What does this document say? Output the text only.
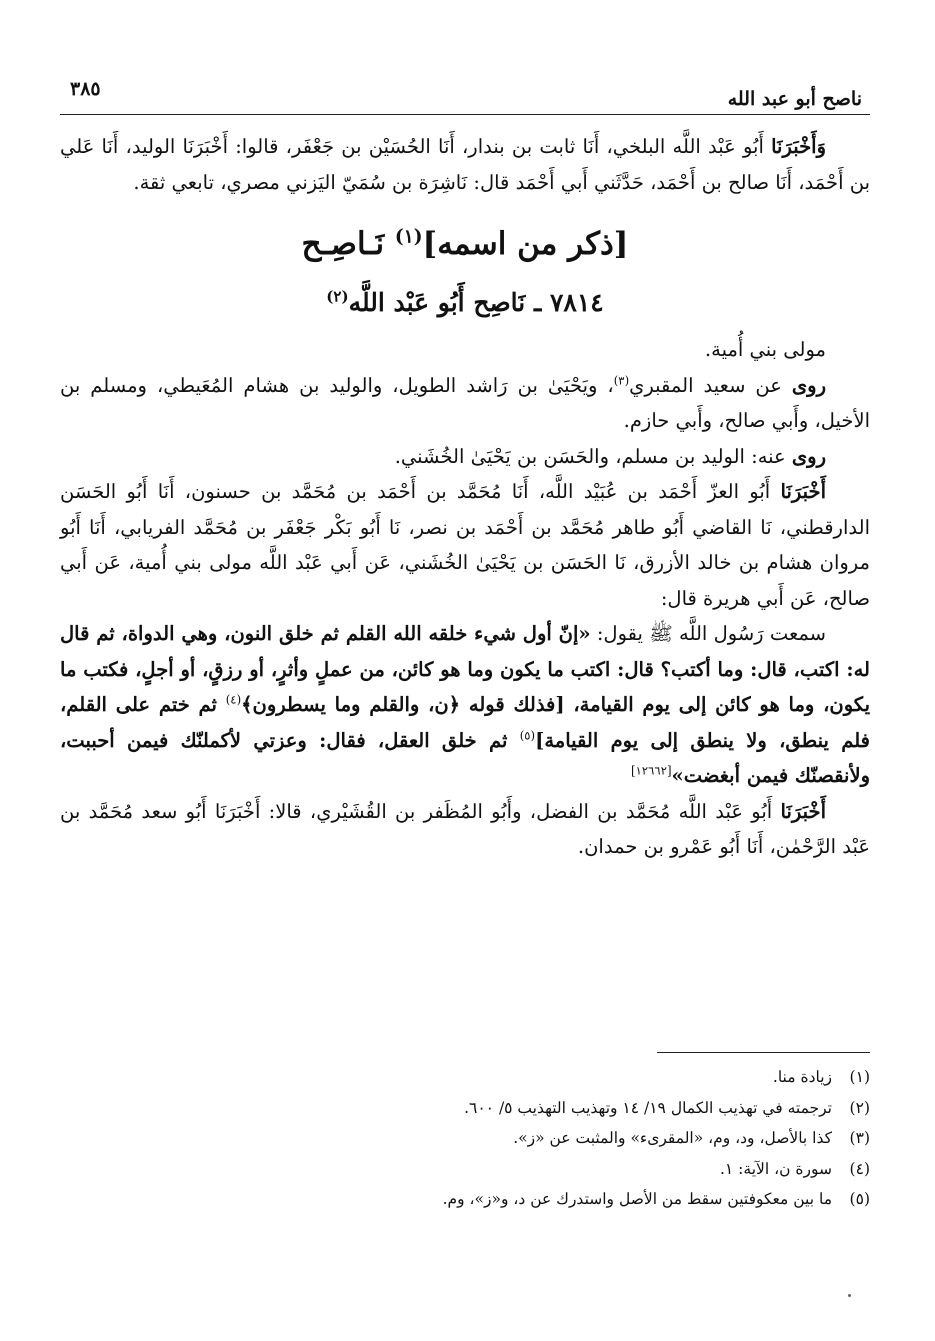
ناصح أبو عبد الله
٣٨٥

وَأَخْبَرَنَا أَبُو عَبْد اللَّه البلخي، أَنَا ثابت بن بندار، أَنَا الحُسَيْن بن جَعْفَر، قالوا: أَخْبَرَنَا الوليد، أَنَا عَلي بن أَحْمَد، أَنَا صالح بن أَحْمَد، حَدَّثَني أَبي أَحْمَد قال: نَاشِرَة بن سُمَيّ اليَزني مصري، تابعي ثقة.

[ذكر من اسمه]$^{(١)}$ نَـاصِـح
٧٨١٤ ـ نَاصِح أَبُو عَبْد اللَّه$^{(٢)}$

مولى بني أُمية.

روى عن سعيد المقبري$^{(٣)}$، ويَحْيَىٰ بن رَاشد الطويل، والوليد بن هشام المُعَيطي، ومسلم بن الأخيل، وأَبي صالح، وأَبي حازم.

روى عنه: الوليد بن مسلم، والحَسَن بن يَحْيَىٰ الخُشَني.

أَخْبَرَنَا أَبُو العزّ أَحْمَد بن عُبَيْد اللَّه، أَنَا مُحَمَّد بن أَحْمَد بن مُحَمَّد بن حسنون، أَنَا أَبُو الحَسَن الدارقطني، نَا القاضي أَبُو طاهر مُحَمَّد بن أَحْمَد بن نصر، نَا أَبُو بَكْر جَعْفَر بن مُحَمَّد الفريابي، أَنَا أَبُو مروان هشام بن خالد الأزرق، نَا الحَسَن بن يَحْيَىٰ الخُشَني، عَن أَبي عَبْد اللَّه مولى بني أُمية، عَن أَبي صالح، عَن أَبي هريرة قال:

سمعت رَسُول اللَّه ﷺ يقول: «إنّ أول شيء خلقه الله القلم ثم خلق النون، وهي الدواة، ثم قال له: اكتب، قال: وما أكتب؟ قال: اكتب ما يكون وما هو كائن، من عملٍ وأثرٍ، أو رزقٍ، أو أجلٍ، فكتب ما يكون، وما هو كائن إلى يوم القيامة، [فذلك قوله ﴿ن، والقلم وما يسطرون﴾$^{(٤)}$ ثم ختم على القلم، فلم ينطق، ولا ينطق إلى يوم القيامة]$^{(٥)}$ ثم خلق العقل، فقال: وعزتي لأكملنّك فيمن أحببت، ولأنقصنّك فيمن أبغضت»[١٢٦٦٢]

أَخْبَرَنَا أَبُو عَبْد اللَّه مُحَمَّد بن الفضل، وأَبُو المُظَفر بن القُشَيْري، قالا: أَخْبَرَنَا أَبُو سعد مُحَمَّد بن عَبْد الرَّحْمٰن، أَنَا أَبُو عَمْرو بن حمدان.

(١)
زيادة منا.
(٢)
ترجمته في تهذيب الكمال ١٩/ ١٤ وتهذيب التهذيب ٥/ ٦٠٠.
(٣)
كذا بالأصل، ود، وم، «المقرىء» والمثبت عن «ز».
(٤)
سورة ن، الآية: ١.
(٥)
ما بين معكوفتين سقط من الأصل واستدرك عن د، و«ز»، وم.
